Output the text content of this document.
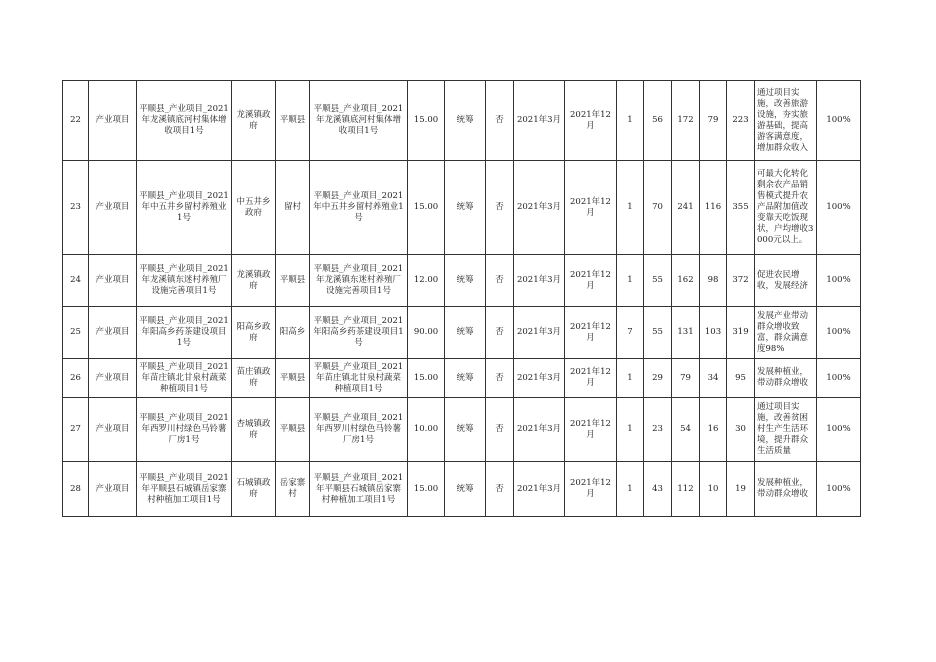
22	产业项目	平顺县_产业项目_2021年龙溪镇底河村集体增收项目1号	龙溪镇政府	平顺县	平顺县_产业项目_2021年龙溪镇底河村集体增收项目1号	15.00	统筹	否	2021年3月	2021年12月	1	56	172	79	223	通过项目实施，改善旅游设施，夯实旅游基础，提高游客满意度，增加群众收入	100%
23	产业项目	平顺县_产业项目_2021年中五井乡留村养殖业1号	中五井乡政府	留村	平顺县_产业项目_2021年中五井乡留村养殖业1号	15.00	统筹	否	2021年3月	2021年12月	1	70	241	116	355	可最大化转化剩余农产品销售模式提升农产品附加值改变靠天吃饭现状，户均增收3000元以上。	100%
24	产业项目	平顺县_产业项目_2021年龙溪镇东迷村养殖厂设施完善项目1号	龙溪镇政府	平顺县	平顺县_产业项目_2021年龙溪镇东迷村养殖厂设施完善项目1号	12.00	统筹	否	2021年3月	2021年12月	1	55	162	98	372	促进农民增收，发展经济	100%
25	产业项目	平顺县_产业项目_2021年阳高乡药茶建设项目1号	阳高乡政府	阳高乡	平顺县_产业项目_2021年阳高乡药茶建设项目1号	90.00	统筹	否	2021年3月	2021年12月	7	55	131	103	319	发展产业带动群众增收致富，群众满意度98%	100%
26	产业项目	平顺县_产业项目_2021年苗庄镇北甘泉村蔬菜种植项目1号	苗庄镇政府	平顺县	平顺县_产业项目_2021年苗庄镇北甘泉村蔬菜种植项目1号	15.00	统筹	否	2021年3月	2021年12月	1	29	79	34	95	发展种植业，带动群众增收	100%
27	产业项目	平顺县_产业项目_2021年西罗川村绿色马铃薯厂房1号	杏城镇政府	平顺县	平顺县_产业项目_2021年西罗川村绿色马铃薯厂房1号	10.00	统筹	否	2021年3月	2021年12月	1	23	54	16	30	通过项目实施，改善贫困村生产生活环境，提升群众生活质量	100%
28	产业项目	平顺县_产业项目_2021年平顺县石城镇岳家寨村种植加工项目1号	石城镇政府	岳家寨村	平顺县_产业项目_2021年平顺县石城镇岳家寨村种植加工项目1号	15.00	统筹	否	2021年3月	2021年12月	1	43	112	10	19	发展种植业，带动群众增收	100%
